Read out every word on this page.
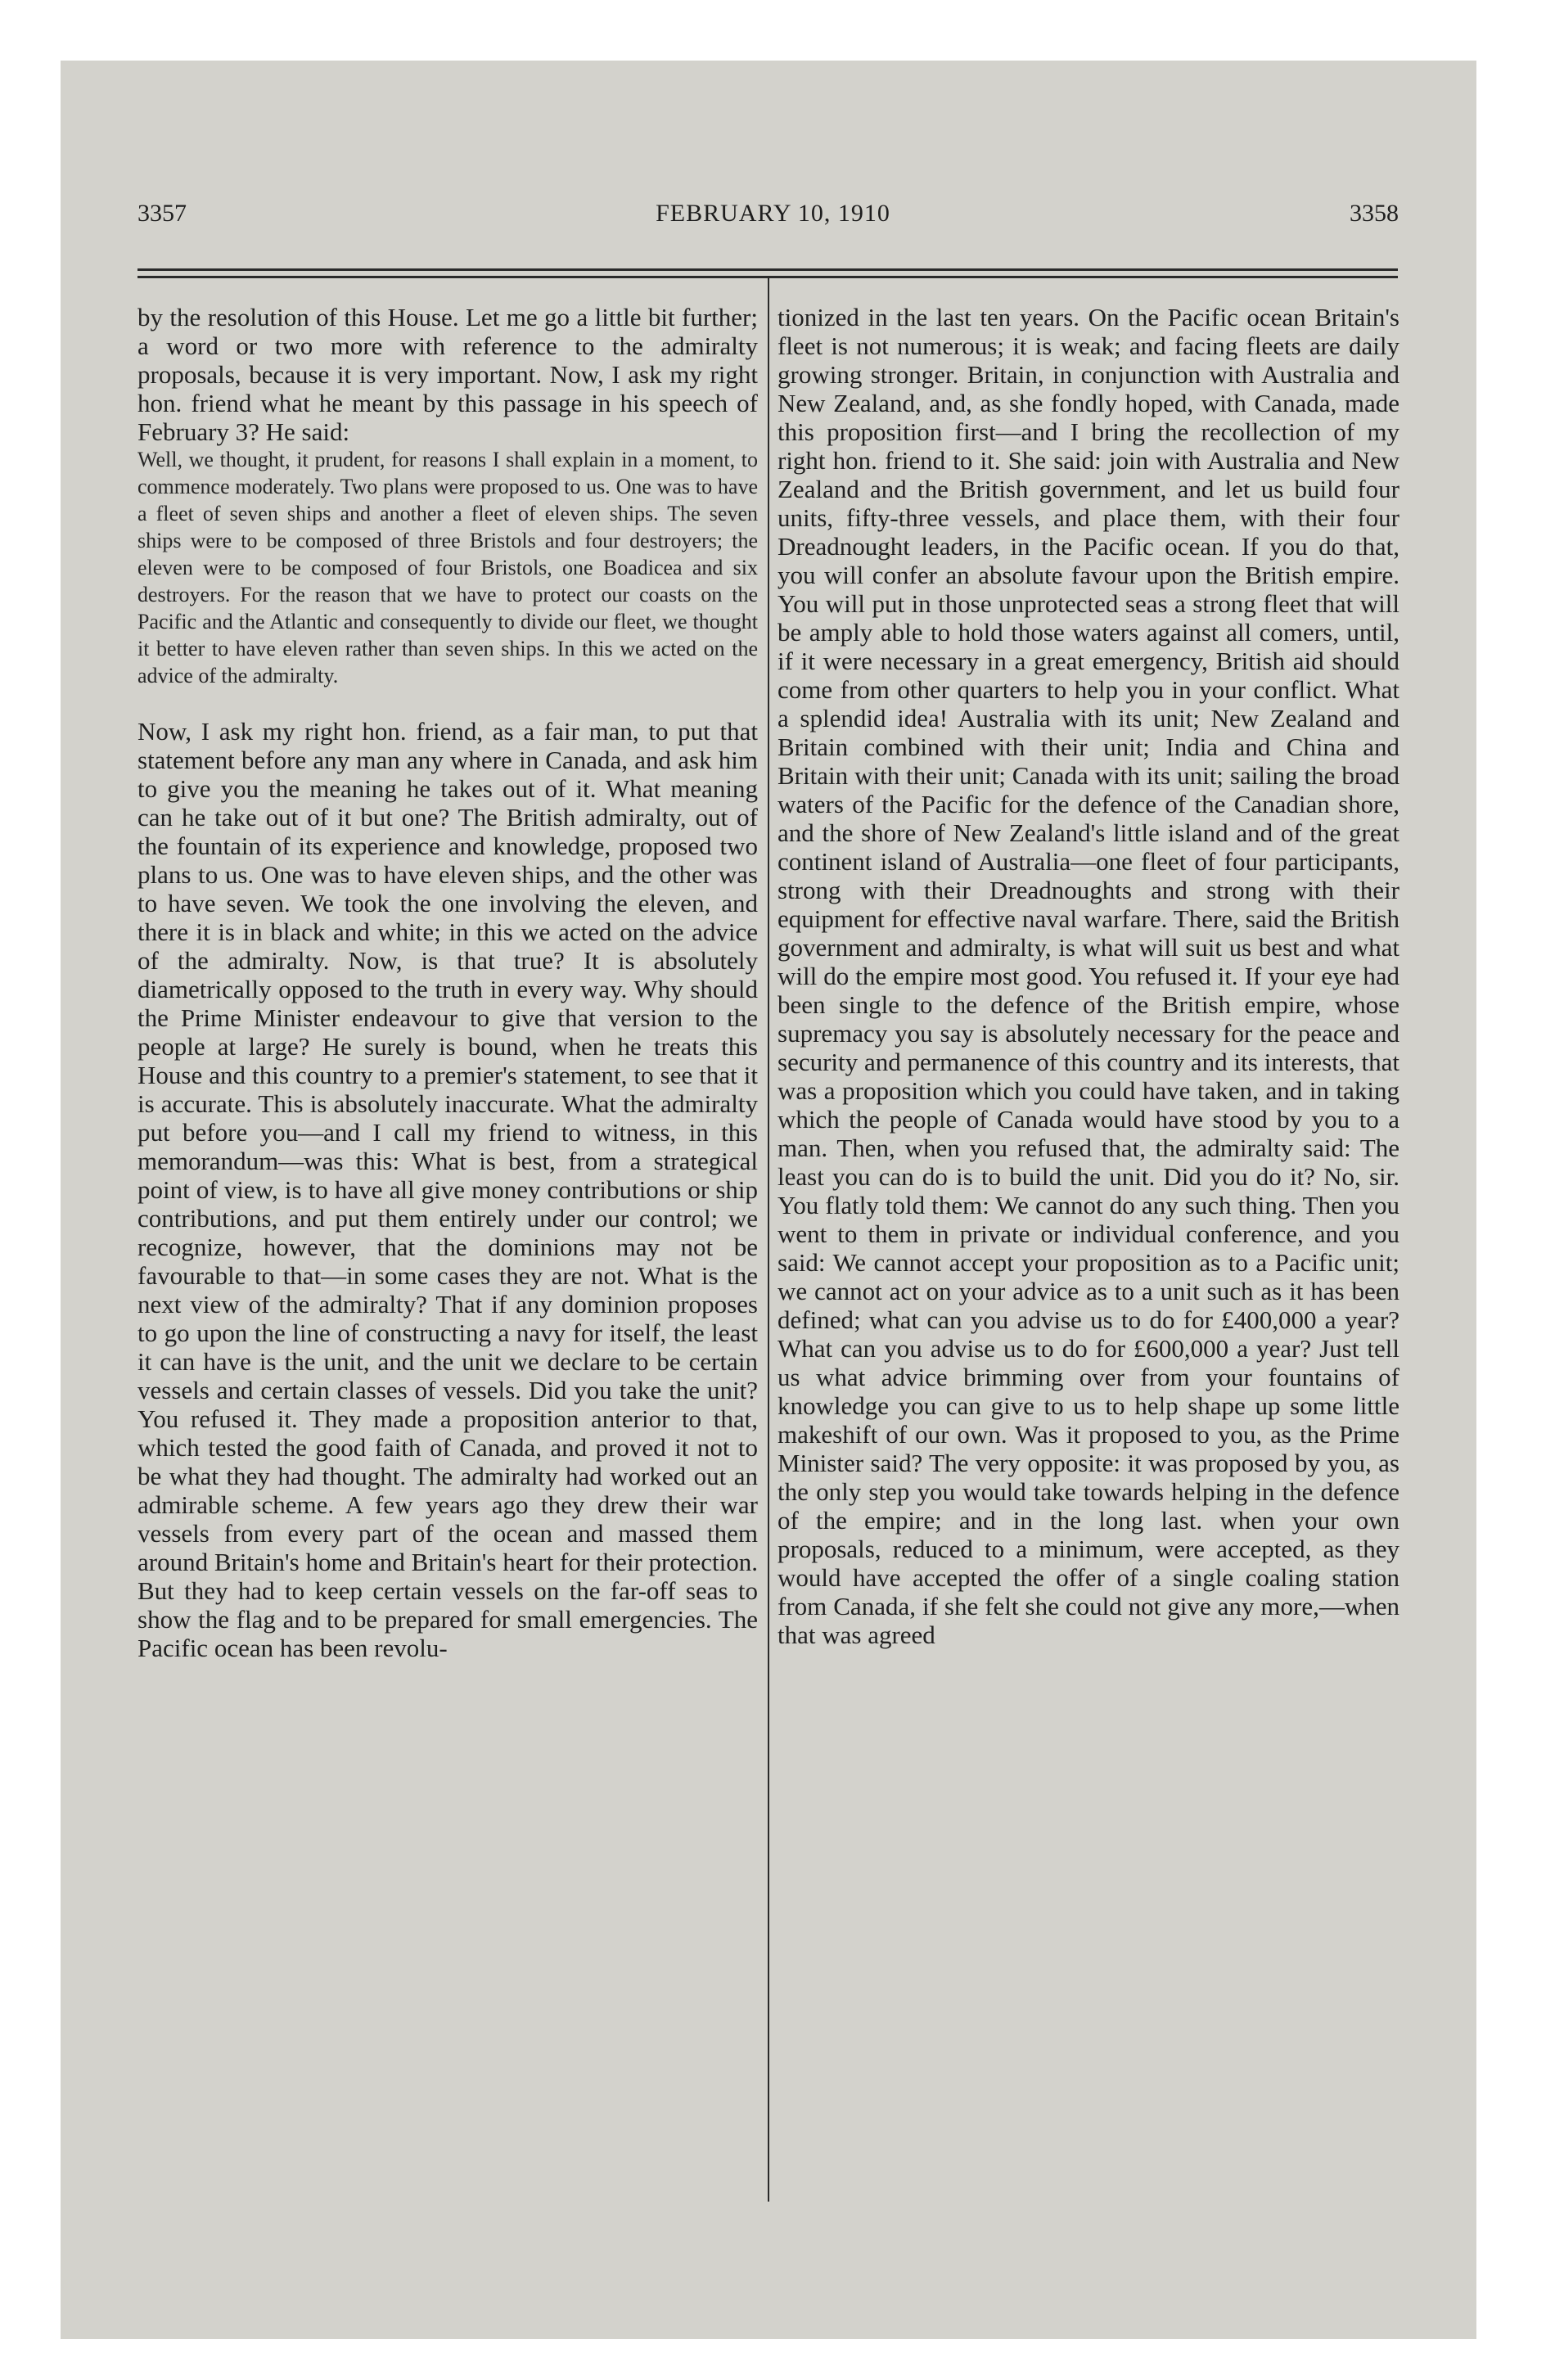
3357	FEBRUARY 10, 1910	3358

by the resolution of this House. Let me go a little bit further; a word or two more with reference to the admiralty proposals, because it is very important. Now, I ask my right hon. friend what he meant by this passage in his speech of February 3? He said:

Well, we thought, it prudent, for reasons I shall explain in a moment, to commence moderately. Two plans were proposed to us. One was to have a fleet of seven ships and another a fleet of eleven ships. The seven ships were to be composed of three Bristols and four destroyers; the eleven were to be composed of four Bristols, one Boadicea and six destroyers. For the reason that we have to protect our coasts on the Pacific and the Atlantic and consequently to divide our fleet, we thought it better to have eleven rather than seven ships. In this we acted on the advice of the admiralty.

Now, I ask my right hon. friend, as a fair man, to put that statement before any man any where in Canada, and ask him to give you the meaning he takes out of it. What meaning can he take out of it but one? The British admiralty, out of the fountain of its experience and knowledge, proposed two plans to us. One was to have eleven ships, and the other was to have seven. We took the one involving the eleven, and there it is in black and white; in this we acted on the advice of the admiralty. Now, is that true? It is absolutely diametrically opposed to the truth in every way. Why should the Prime Minister endeavour to give that version to the people at large? He surely is bound, when he treats this House and this country to a premier's statement, to see that it is accurate. This is absolutely inaccurate. What the admiralty put before you—and I call my friend to witness, in this memorandum—was this: What is best, from a strategical point of view, is to have all give money contributions or ship contributions, and put them entirely under our control; we recognize, however, that the dominions may not be favourable to that—in some cases they are not. What is the next view of the admiralty? That if any dominion proposes to go upon the line of constructing a navy for itself, the least it can have is the unit, and the unit we declare to be certain vessels and certain classes of vessels. Did you take the unit? You refused it. They made a proposition anterior to that, which tested the good faith of Canada, and proved it not to be what they had thought. The admiralty had worked out an admirable scheme. A few years ago they drew their war vessels from every part of the ocean and massed them around Britain's home and Britain's heart for their protection. But they had to keep certain vessels on the far-off seas to show the flag and to be prepared for small emergencies. The Pacific ocean has been revolu-

tionized in the last ten years. On the Pacific ocean Britain's fleet is not numerous; it is weak; and facing fleets are daily growing stronger. Britain, in conjunction with Australia and New Zealand, and, as she fondly hoped, with Canada, made this proposition first—and I bring the recollection of my right hon. friend to it. She said: join with Australia and New Zealand and the British government, and let us build four units, fifty-three vessels, and place them, with their four Dreadnought leaders, in the Pacific ocean. If you do that, you will confer an absolute favour upon the British empire. You will put in those unprotected seas a strong fleet that will be amply able to hold those waters against all comers, until, if it were necessary in a great emergency, British aid should come from other quarters to help you in your conflict. What a splendid idea! Australia with its unit; New Zealand and Britain combined with their unit; India and China and Britain with their unit; Canada with its unit; sailing the broad waters of the Pacific for the defence of the Canadian shore, and the shore of New Zealand's little island and of the great continent island of Australia—one fleet of four participants, strong with their Dreadnoughts and strong with their equipment for effective naval warfare. There, said the British government and admiralty, is what will suit us best and what will do the empire most good. You refused it. If your eye had been single to the defence of the British empire, whose supremacy you say is absolutely necessary for the peace and security and permanence of this country and its interests, that was a proposition which you could have taken, and in taking which the people of Canada would have stood by you to a man. Then, when you refused that, the admiralty said: The least you can do is to build the unit. Did you do it? No, sir. You flatly told them: We cannot do any such thing. Then you went to them in private or individual conference, and you said: We cannot accept your proposition as to a Pacific unit; we cannot act on your advice as to a unit such as it has been defined; what can you advise us to do for £400,000 a year? What can you advise us to do for £600,000 a year? Just tell us what advice brimming over from your fountains of knowledge you can give to us to help shape up some little makeshift of our own. Was it proposed to you, as the Prime Minister said? The very opposite: it was proposed by you, as the only step you would take towards helping in the defence of the empire; and in the long last. when your own proposals, reduced to a minimum, were accepted, as they would have accepted the offer of a single coaling station from Canada, if she felt she could not give any more,—when that was agreed
